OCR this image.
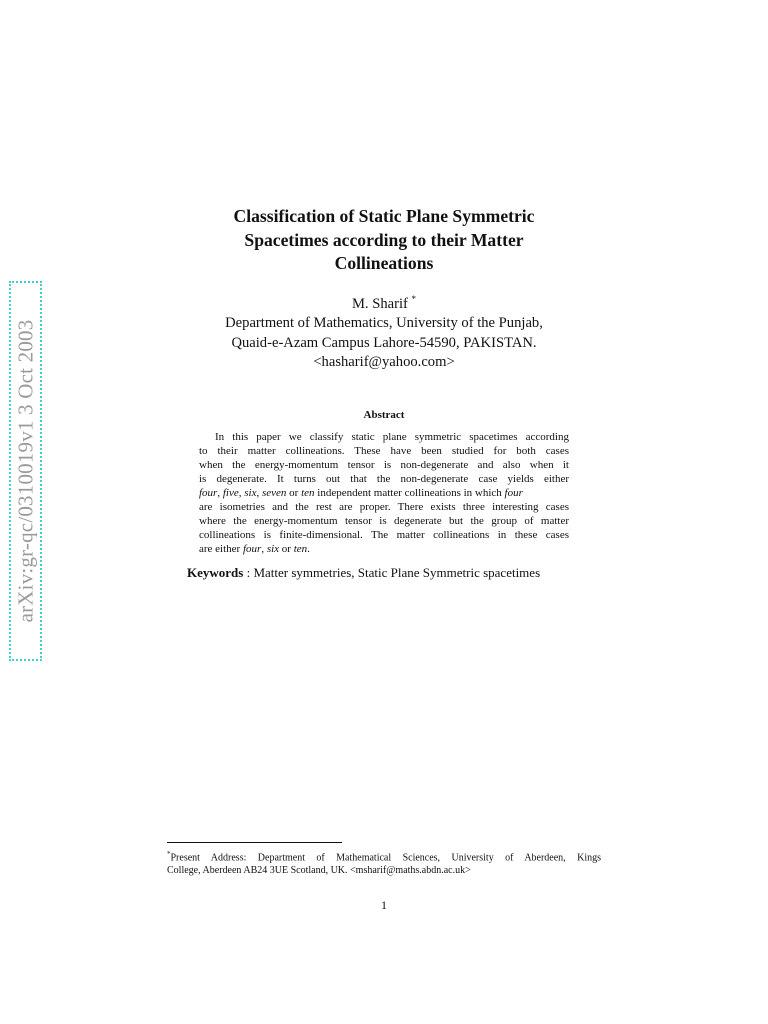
arXiv:gr-qc/0310019v1 3 Oct 2003
Classification of Static Plane Symmetric
Spacetimes according to their Matter
Collineations
M. Sharif *
Department of Mathematics, University of the Punjab,
Quaid-e-Azam Campus Lahore-54590, PAKISTAN.
<hasharif@yahoo.com>
Abstract
In this paper we classify static plane symmetric spacetimes according
to their matter collineations. These have been studied for both cases
when the energy-momentum tensor is non-degenerate and also when it
is degenerate. It turns out that the non-degenerate case yields either
four, five, six, seven or ten independent matter collineations in which four
are isometries and the rest are proper. There exists three interesting cases
where the energy-momentum tensor is degenerate but the group of matter
collineations is finite-dimensional. The matter collineations in these cases
are either four, six or ten.
Keywords : Matter symmetries, Static Plane Symmetric spacetimes
*Present Address: Department of Mathematical Sciences, University of Aberdeen, Kings
College, Aberdeen AB24 3UE Scotland, UK. <msharif@maths.abdn.ac.uk>
1
